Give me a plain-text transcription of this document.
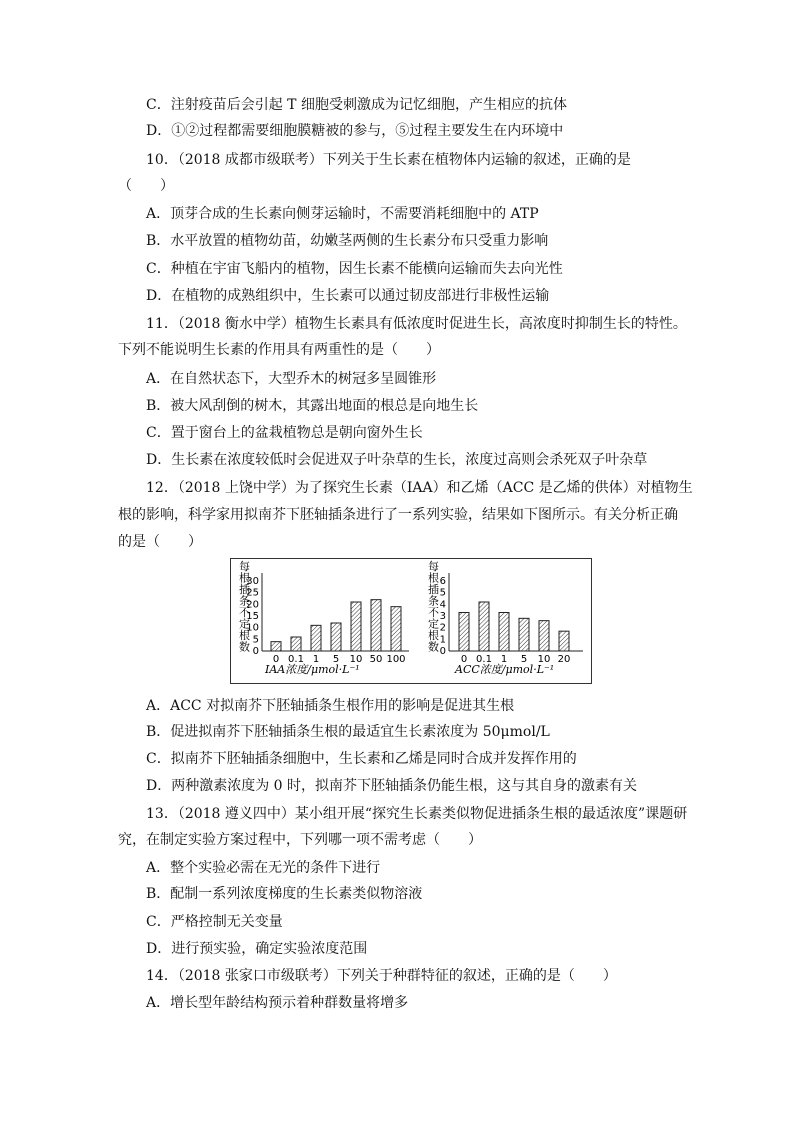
C．注射疫苗后会引起 T 细胞受刺激成为记忆细胞，产生相应的抗体
D．①②过程都需要细胞膜糖被的参与，⑤过程主要发生在内环境中
10．（2018 成都市级联考）下列关于生长素在植物体内运输的叙述，正确的是
（　　）
A．顶芽合成的生长素向侧芽运输时，不需要消耗细胞中的 ATP
B．水平放置的植物幼苗，幼嫩茎两侧的生长素分布只受重力影响
C．种植在宇宙飞船内的植物，因生长素不能横向运输而失去向光性
D．在植物的成熟组织中，生长素可以通过韧皮部进行非极性运输
11．（2018 衡水中学）植物生长素具有低浓度时促进生长，高浓度时抑制生长的特性。
下列不能说明生长素的作用具有两重性的是（　　）
A．在自然状态下，大型乔木的树冠多呈圆锥形
B．被大风刮倒的树木，其露出地面的根总是向地生长
C．置于窗台上的盆栽植物总是朝向窗外生长
D．生长素在浓度较低时会促进双子叶杂草的生长，浓度过高则会杀死双子叶杂草
12．（2018 上饶中学）为了探究生长素（IAA）和乙烯（ACC 是乙烯的供体）对植物生
根的影响，科学家用拟南芥下胚轴插条进行了一系列实验，结果如下图所示。有关分析正确
的是（　　）
A．ACC 对拟南芥下胚轴插条生根作用的影响是促进其生根
B．促进拟南芥下胚轴插条生根的最适宜生长素浓度为 50μmol/L
C．拟南芥下胚轴插条细胞中，生长素和乙烯是同时合成并发挥作用的
D．两种激素浓度为 0 时，拟南芥下胚轴插条仍能生根，这与其自身的激素有关
13．（2018 遵义四中）某小组开展“探究生长素类似物促进插条生根的最适浓度”课题研
究，在制定实验方案过程中，下列哪一项不需考虑（　　）
A．整个实验必需在无光的条件下进行
B．配制一系列浓度梯度的生长素类似物溶液
C．严格控制无关变量
D．进行预实验，确定实验浓度范围
14．（2018 张家口市级联考）下列关于种群特征的叙述，正确的是（　　）
A．增长型年龄结构预示着种群数量将增多
每
根
插
条
不
定
根
数
30
25
20
15
10
5
0
0 0.1 1 5 10 50 100
IAA浓度/μmol·L⁻¹
每
根
插
条
不
定
根
数
6
5
4
3
2
1
0
0 0.1 1 5 10 20
ACC浓度/μmol·L⁻¹
